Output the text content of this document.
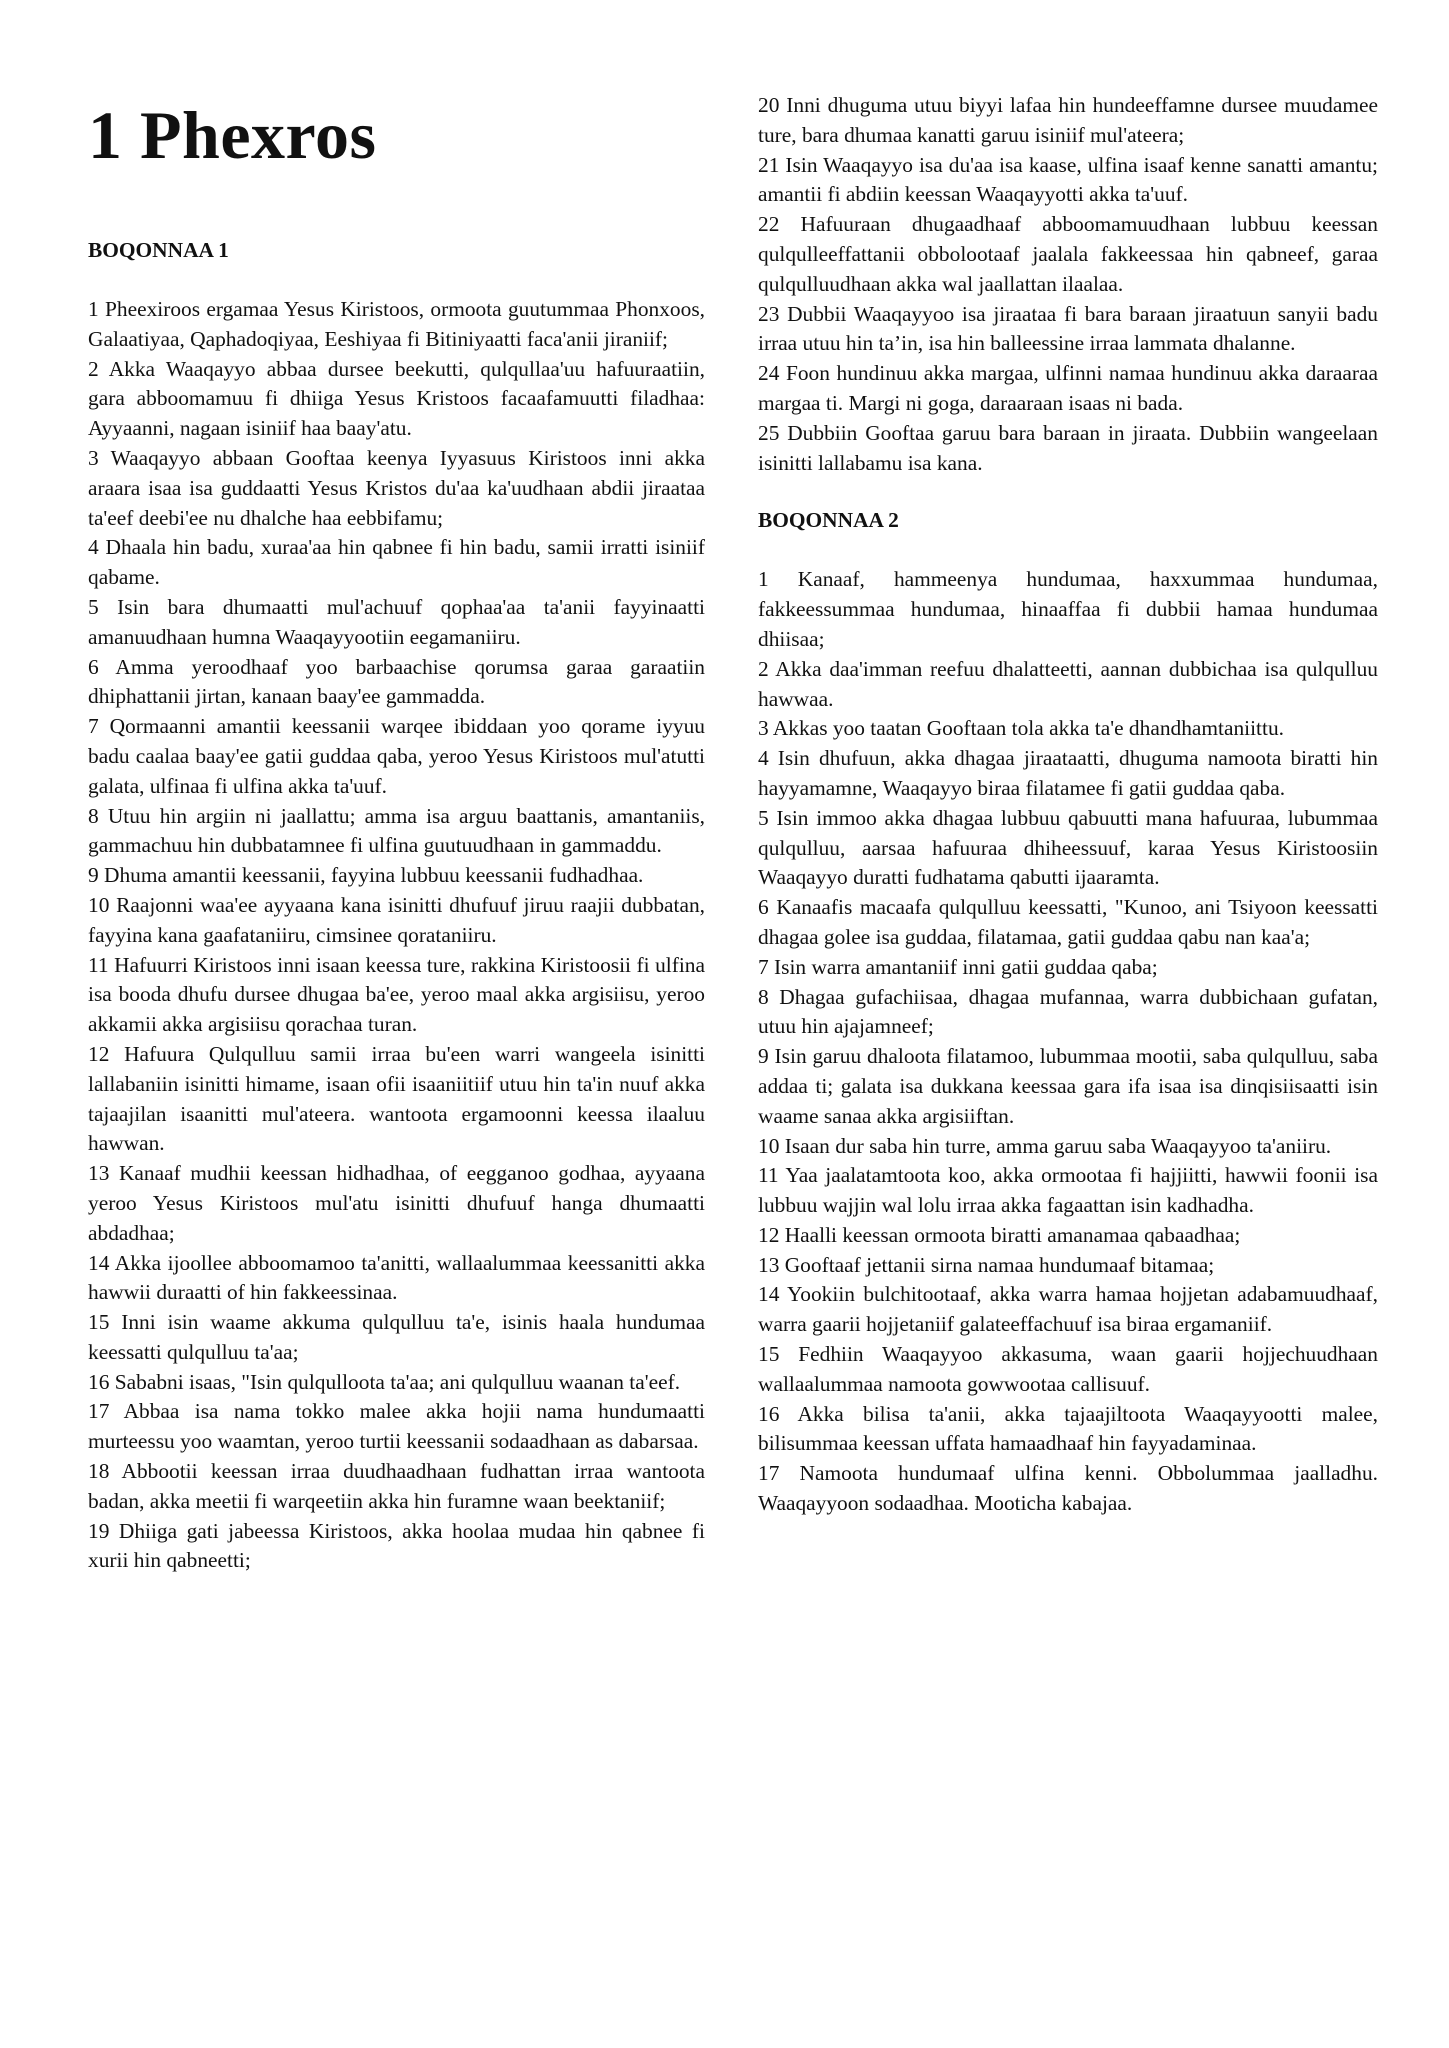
1 Phexros
BOQONNAA 1

1 Pheexiroos ergamaa Yesus Kiristoos, ormoota guutummaa Phonxoos, Galaatiyaa, Qaphadoqiyaa, Eeshiyaa fi Bitiniyaatti faca'anii jiraniif;

2 Akka Waaqayyo abbaa dursee beekutti, qulqullaa'uu hafuuraatiin, gara abboomamuu fi dhiiga Yesus Kristoos facaafamuutti filadhaa: Ayyaanni, nagaan isiniif haa baay'atu.

3 Waaqayyo abbaan Gooftaa keenya Iyyasuus Kiristoos inni akka araara isaa isa guddaatti Yesus Kristos du'aa ka'uudhaan abdii jiraataa ta'eef deebi'ee nu dhalche haa eebbifamu;

4 Dhaala hin badu, xuraa'aa hin qabnee fi hin badu, samii irratti isiniif qabame.

5 Isin bara dhumaatti mul'achuuf qophaa'aa ta'anii fayyinaatti amanuudhaan humna Waaqayyootiin eegamaniiru.

6 Amma yeroodhaaf yoo barbaachise qorumsa garaa garaatiin dhiphattanii jirtan, kanaan baay'ee gammadda.

7 Qormaanni amantii keessanii warqee ibiddaan yoo qorame iyyuu badu caalaa baay'ee gatii guddaa qaba, yeroo Yesus Kiristoos mul'atutti galata, ulfinaa fi ulfina akka ta'uuf.

8 Utuu hin argiin ni jaallattu; amma isa arguu baattanis, amantaniis, gammachuu hin dubbatamnee fi ulfina guutuudhaan in gammaddu.

9 Dhuma amantii keessanii, fayyina lubbuu keessanii fudhadhaa.

10 Raajonni waa'ee ayyaana kana isinitti dhufuuf jiruu raajii dubbatan, fayyina kana gaafataniiru, cimsinee qorataniiru.

11 Hafuurri Kiristoos inni isaan keessa ture, rakkina Kiristoosii fi ulfina isa booda dhufu dursee dhugaa ba'ee, yeroo maal akka argisiisu, yeroo akkamii akka argisiisu qorachaa turan.

12 Hafuura Qulqulluu samii irraa bu'een warri wangeela isinitti lallabaniin isinitti himame, isaan ofii isaaniitiif utuu hin ta'in nuuf akka tajaajilan isaanitti mul'ateera. wantoota ergamoonni keessa ilaaluu hawwan.

13 Kanaaf mudhii keessan hidhadhaa, of eegganoo godhaa, ayyaana yeroo Yesus Kiristoos mul'atu isinitti dhufuuf hanga dhumaatti abdadhaa;

14 Akka ijoollee abboomamoo ta'anitti, wallaalummaa keessanitti akka hawwii duraatti of hin fakkeessinaa.

15 Inni isin waame akkuma qulqulluu ta'e, isinis haala hundumaa keessatti qulqulluu ta'aa;

16 Sababni isaas, "Isin qulqulloota ta'aa; ani qulqulluu waanan ta'eef.

17 Abbaa isa nama tokko malee akka hojii nama hundumaatti murteessu yoo waamtan, yeroo turtii keessanii sodaadhaan as dabarsaa.

18 Abbootii keessan irraa duudhaadhaan fudhattan irraa wantoota badan, akka meetii fi warqeetiin akka hin furamne waan beektaniif;

19 Dhiiga gati jabeessa Kiristoos, akka hoolaa mudaa hin qabnee fi xurii hin qabneetti;

20 Inni dhuguma utuu biyyi lafaa hin hundeeffamne dursee muudamee ture, bara dhumaa kanatti garuu isiniif mul'ateera;

21 Isin Waaqayyo isa du'aa isa kaase, ulfina isaaf kenne sanatti amantu; amantii fi abdiin keessan Waaqayyotti akka ta'uuf.

22 Hafuuraan dhugaadhaaf abboomamuudhaan lubbuu keessan qulqulleeffattanii obbolootaaf jaalala fakkeessaa hin qabneef, garaa qulqulluudhaan akka wal jaallattan ilaalaa.

23 Dubbii Waaqayyoo isa jiraataa fi bara baraan jiraatuun sanyii badu irraa utuu hin ta’in, isa hin balleessine irraa lammata dhalanne.

24 Foon hundinuu akka margaa, ulfinni namaa hundinuu akka daraaraa margaa ti. Margi ni goga, daraaraan isaas ni bada.

25 Dubbiin Gooftaa garuu bara baraan in jiraata. Dubbiin wangeelaan isinitti lallabamu isa kana.

BOQONNAA 2

1 Kanaaf, hammeenya hundumaa, haxxummaa hundumaa, fakkeessummaa hundumaa, hinaaffaa fi dubbii hamaa hundumaa dhiisaa;

2 Akka daa'imman reefuu dhalatteetti, aannan dubbichaa isa qulqulluu hawwaa.

3 Akkas yoo taatan Gooftaan tola akka ta'e dhandhamtaniittu.

4 Isin dhufuun, akka dhagaa jiraataatti, dhuguma namoota biratti hin hayyamamne, Waaqayyo biraa filatamee fi gatii guddaa qaba.

5 Isin immoo akka dhagaa lubbuu qabuutti mana hafuuraa, lubummaa qulqulluu, aarsaa hafuuraa dhiheessuuf, karaa Yesus Kiristoosiin Waaqayyo duratti fudhatama qabutti ijaaramta.

6 Kanaafis macaafa qulqulluu keessatti, "Kunoo, ani Tsiyoon keessatti dhagaa golee isa guddaa, filatamaa, gatii guddaa qabu nan kaa'a;

7 Isin warra amantaniif inni gatii guddaa qaba;

8 Dhagaa gufachiisaa, dhagaa mufannaa, warra dubbichaan gufatan, utuu hin ajajamneef;

9 Isin garuu dhaloota filatamoo, lubummaa mootii, saba qulqulluu, saba addaa ti; galata isa dukkana keessaa gara ifa isaa isa dinqisiisaatti isin waame sanaa akka argisiiftan.

10 Isaan dur saba hin turre, amma garuu saba Waaqayyoo ta'aniiru.

11 Yaa jaalatamtoota koo, akka ormootaa fi hajjiitti, hawwii foonii isa lubbuu wajjin wal lolu irraa akka fagaattan isin kadhadha.

12 Haalli keessan ormoota biratti amanamaa qabaadhaa;

13 Gooftaaf jettanii sirna namaa hundumaaf bitamaa;

14 Yookiin bulchitootaaf, akka warra hamaa hojjetan adabamuudhaaf, warra gaarii hojjetaniif galateeffachuuf isa biraa ergamaniif.

15 Fedhiin Waaqayyoo akkasuma, waan gaarii hojjechuudhaan wallaalummaa namoota gowwootaa callisuuf.

16 Akka bilisa ta'anii, akka tajaajiltoota Waaqayyootti malee, bilisummaa keessan uffata hamaadhaaf hin fayyadaminaa.

17 Namoota hundumaaf ulfina kenni. Obbolummaa jaalladhu. Waaqayyoon sodaadhaa. Mooticha kabajaa.
